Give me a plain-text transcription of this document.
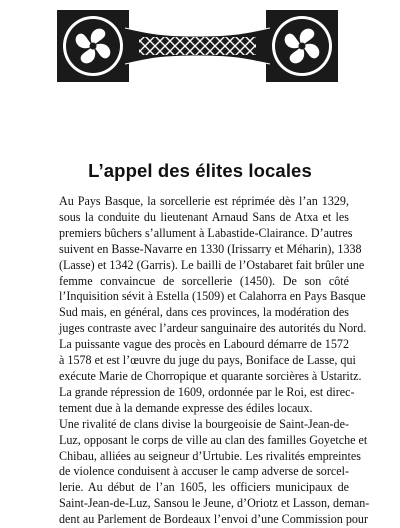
L’appel des élites locales

Au Pays Basque, la sorcellerie est réprimée dès l’an 1329,
sous la conduite du lieutenant Arnaud Sans de Atxa et les
premiers bûchers s’allument à Labastide-Clairance. D’autres
suivent en Basse-Navarre en 1330 (Irissarry et Méharin), 1338
(Lasse) et 1342 (Garris). Le bailli de l’Ostabaret fait brûler une
femme convaincue de sorcellerie (1450). De son côté
l’Inquisition sévit à Estella (1509) et Calahorra en Pays Basque
Sud mais, en général, dans ces provinces, la modération des
juges contraste avec l’ardeur sanguinaire des autorités du Nord.

La puissante vague des procès en Labourd démarre de 1572
à 1578 et est l’œuvre du juge du pays, Boniface de Lasse, qui
exécute Marie de Chorropique et quarante sorcières à Ustaritz.

La grande répression de 1609, ordonnée par le Roi, est direc-
tement due à la demande expresse des édiles locaux.

Une rivalité de clans divise la bourgeoisie de Saint-Jean-de-
Luz, opposant le corps de ville au clan des familles Goyetche et
Chibau, alliées au seigneur d’Urtubie. Les rivalités empreintes
de violence conduisent à accuser le camp adverse de sorcel-
lerie. Au début de l’an 1605, les officiers municipaux de
Saint-Jean-de-Luz, Sansou le Jeune, d’Oriotz et Lasson, deman-
dent au Parlement de Bordeaux l’envoi d’une Commission pour
